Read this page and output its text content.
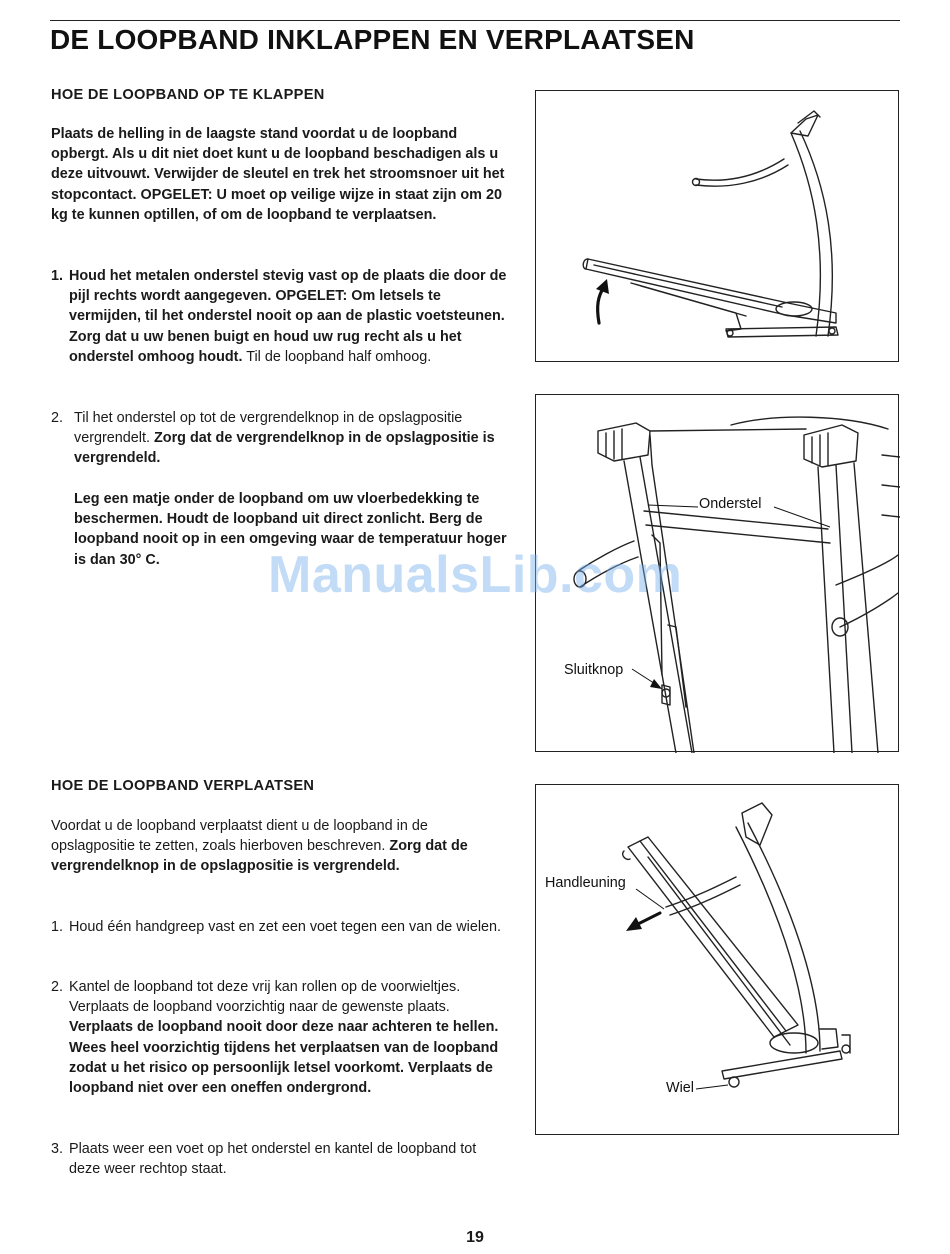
DE LOOPBAND INKLAPPEN EN VERPLAATSEN

HOE DE LOOPBAND OP TE KLAPPEN

Plaats de helling in de laagste stand voordat u de loopband opbergt. Als u dit niet doet kunt u de loopband beschadigen als u deze uitvouwt. Verwijder de sleutel en trek het stroomsnoer uit het stopcontact. OPGELET: U moet op veilige wijze in staat zijn om 20 kg te kunnen optillen, of om de loopband te verplaatsen.

1. Houd het metalen onderstel stevig vast op de plaats die door de pijl rechts wordt aangegeven. OPGELET: Om letsels te vermijden, til het onderstel nooit op aan de plastic voetsteunen. Zorg dat u uw benen buigt en houd uw rug recht als u het onderstel omhoog houdt. Til de loopband half omhoog.

2. Til het onderstel op tot de vergrendelknop in de opslagpositie vergrendelt. Zorg dat de vergrendelknop in de opslagpositie is vergrendeld.

Leg een matje onder de loopband om uw vloerbedekking te beschermen. Houdt de loopband uit direct zonlicht. Berg de loopband nooit op in een omgeving waar de temperatuur hoger is dan 30° C.

HOE DE LOOPBAND VERPLAATSEN

Voordat u de loopband verplaatst dient u de loopband in de opslagpositie te zetten, zoals hierboven beschreven. Zorg dat de vergrendelknop in de opslagpositie is vergrendeld.

1. Houd één handgreep vast en zet een voet tegen een van de wielen.

2. Kantel de loopband tot deze vrij kan rollen op de voorwieltjes. Verplaats de loopband voorzichtig naar de gewenste plaats. Verplaats de loopband nooit door deze naar achteren te hellen. Wees heel voorzichtig tijdens het verplaatsen van de loopband zodat u het risico op persoonlijk letsel voorkomt. Verplaats de loopband niet over een oneffen ondergrond.

3. Plaats weer een voet op het onderstel en kantel de loopband tot deze weer rechtop staat.

Onderstel
Sluitknop
Handleuning
Wiel
ManualsLib.com
19
